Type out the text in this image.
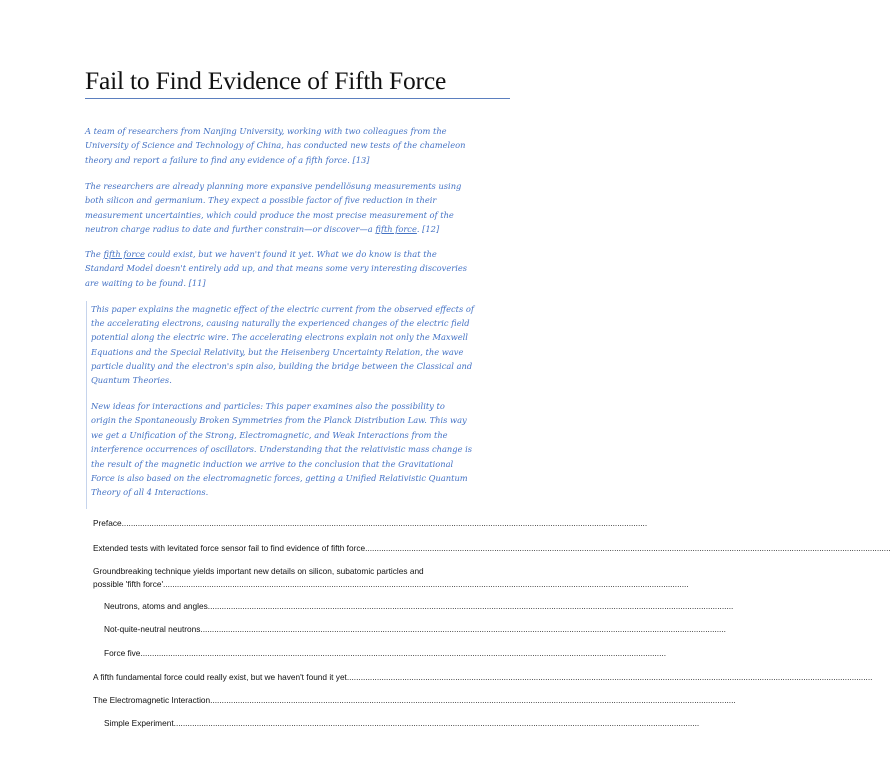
Fail to Find Evidence of Fifth Force

A team of researchers from Nanjing University, working with two colleagues from the
University of Science and Technology of China, has conducted new tests of the chameleon
theory and report a failure to find any evidence of a fifth force. [13]

The researchers are already planning more expansive pendellösung measurements using
both silicon and germanium. They expect a possible factor of five reduction in their
measurement uncertainties, which could produce the most precise measurement of the
neutron charge radius to date and further constrain—or discover—a fifth force. [12]

The fifth force could exist, but we haven't found it yet. What we do know is that the
Standard Model doesn't entirely add up, and that means some very interesting discoveries
are waiting to be found. [11]

This paper explains the magnetic effect of the electric current from the observed effects of
the accelerating electrons, causing naturally the experienced changes of the electric field
potential along the electric wire. The accelerating electrons explain not only the Maxwell
Equations and the Special Relativity, but the Heisenberg Uncertainty Relation, the wave
particle duality and the electron's spin also, building the bridge between the Classical and
Quantum Theories.

New ideas for interactions and particles: This paper examines also the possibility to
origin the Spontaneously Broken Symmetries from the Planck Distribution Law. This way
we get a Unification of the Strong, Electromagnetic, and Weak Interactions from the
interference occurrences of oscillators. Understanding that the relativistic mass change is
the result of the magnetic induction we arrive to the conclusion that the Gravitational
Force is also based on the electromagnetic forces, getting a Unified Relativistic Quantum
Theory of all 4 Interactions.

Preface....................................................................................................................................................................................................................................
Extended tests with levitated force sensor fail to find evidence of fifth force....................................................................................................................................................................................................................................
Groundbreaking technique yields important new details on silicon, subatomic particles and
possible 'fifth force'....................................................................................................................................................................................................................................
Neutrons, atoms and angles....................................................................................................................................................................................................................................
Not-quite-neutral neutrons....................................................................................................................................................................................................................................
Force five....................................................................................................................................................................................................................................
A fifth fundamental force could really exist, but we haven't found it yet....................................................................................................................................................................................................................................
The Electromagnetic Interaction....................................................................................................................................................................................................................................
Simple Experiment....................................................................................................................................................................................................................................
